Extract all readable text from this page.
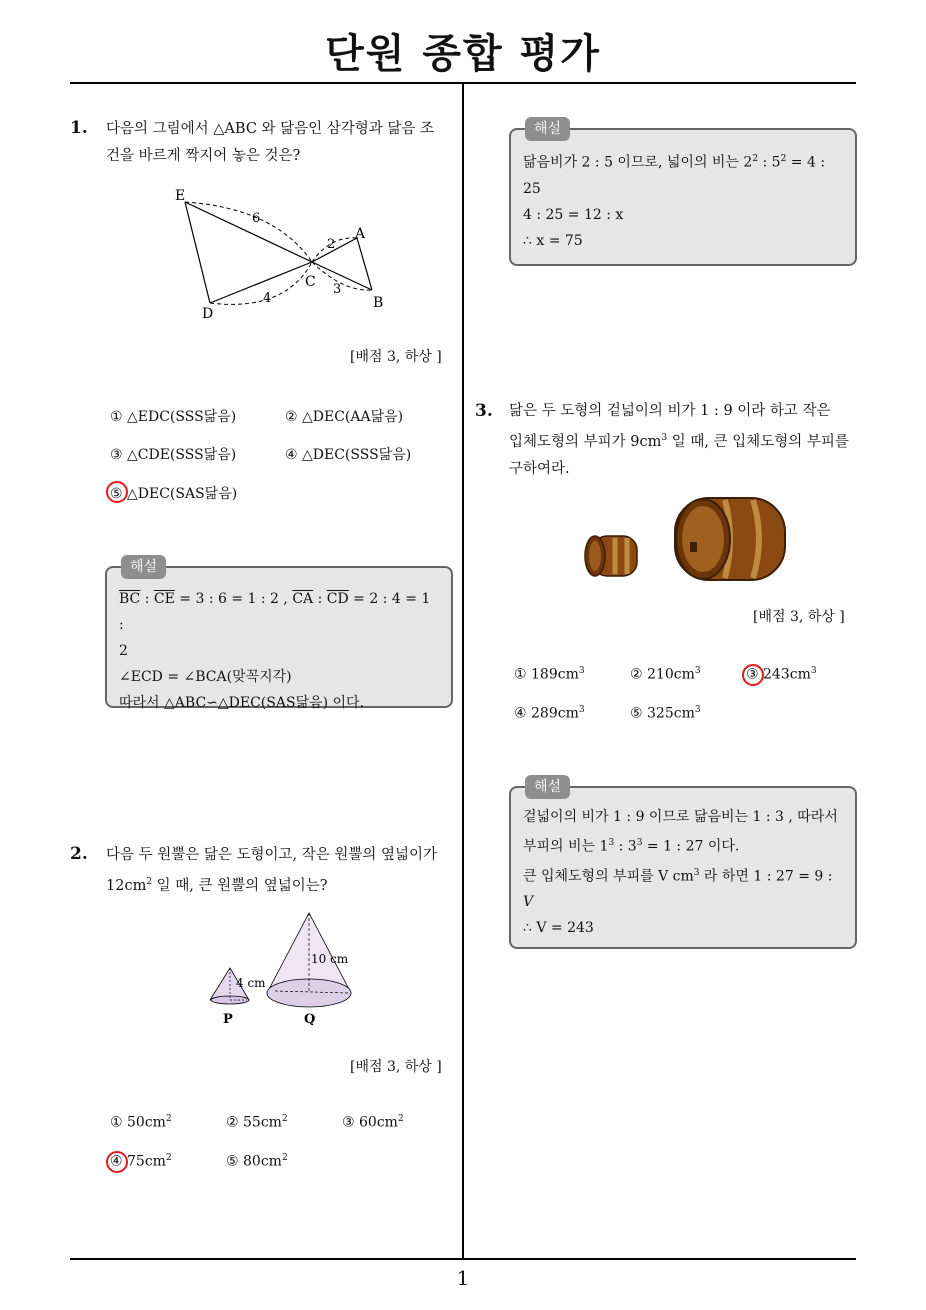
단원 종합 평가
1. 다음의 그림에서 △ABC 와 닮음인 삼각형과 닮음 조
건을 바르게 짝지어 놓은 것은?
E
A
C
B
D
6
2
3
4
[배점 3, 하상 ]
① △EDC(SSS닮음)	② △DEC(AA닮음)
③ △CDE(SSS닮음)	④ △DEC(SSS닮음)
⑤ △DEC(SAS닮음)
해설
$\overline{BC}$ : $\overline{CE} = 3$ : 6 = 1 : 2 , $\overline{CA}$ : $\overline{CD} = 2$ : 4 = 1 :
2
∠ECD = ∠BCA(맞꼭지각)
따라서 △ABC∽△DEC(SAS닮음) 이다.
2. 다음 두 원뿔은 닮은 도형이고, 작은 원뿔의 옆넓이가
$12cm^2$ 일 때, 큰 원뿔의 옆넓이는?
4 cm
P
10 cm
Q
[배점 3, 하상 ]
① $50cm^2$	② $55cm^2$	③ $60cm^2$
④ $75cm^2$	⑤ $80cm^2$
해설
닮음비가 2 : 5 이므로, 넓이의 비는 $2^2$ : $5^2 = 4$ :
25
4 : 25 = 12 : x
∴ x = 75
3. 닮은 두 도형의 겉넓이의 비가 1 : 9 이라 하고 작은
입체도형의 부피가 $9cm^3$ 일 때, 큰 입체도형의 부피를
구하여라.
[배점 3, 하상 ]
① $189cm^3$	② $210cm^3$	③ $243cm^3$
④ $289cm^3$	⑤ $325cm^3$
해설
겉넓이의 비가 1 : 9 이므로 닮음비는 1 : 3 , 따라서
부피의 비는 $1^3$ : $3^3 = 1$ : 27 이다.
큰 입체도형의 부피를 V $cm^3$ 라 하면 1 : 27 = 9 :
V
∴ V = 243
1
